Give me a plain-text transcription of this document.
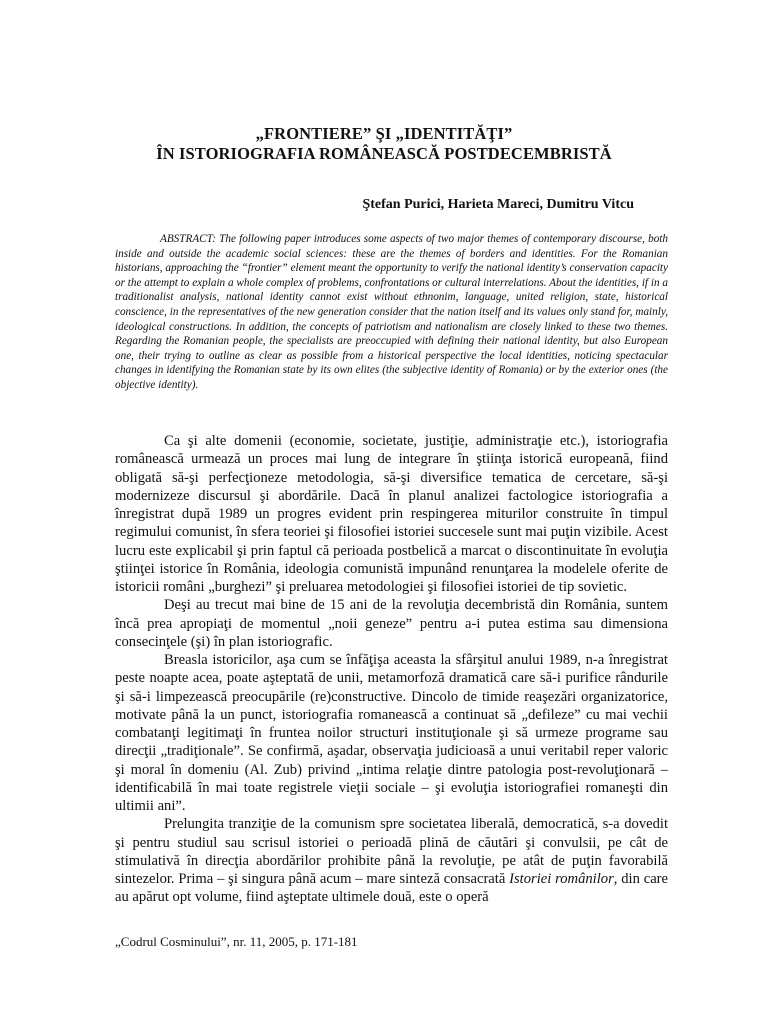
„FRONTIERE” ŞI „IDENTITĂŢI”
ÎN ISTORIOGRAFIA ROMÂNEASCĂ POSTDECEMBRISTĂ
Ştefan Purici, Harieta Mareci, Dumitru Vitcu
ABSTRACT: The following paper introduces some aspects of two major themes of contemporary discourse, both inside and outside the academic social sciences: these are the themes of borders and identities. For the Romanian historians, approaching the “frontier” element meant the opportunity to verify the national identity’s conservation capacity or the attempt to explain a whole complex of problems, confrontations or cultural interrelations. About the identities, if in a traditionalist analysis, national identity cannot exist without ethnonim, language, united religion, state, historical conscience, in the representatives of the new generation consider that the nation itself and its values only stand for, mainly, ideological constructions. In addition, the concepts of patriotism and nationalism are closely linked to these two themes. Regarding the Romanian people, the specialists are preoccupied with defining their national identity, but also European one, their trying to outline as clear as possible from a historical perspective the local identities, noticing spectacular changes in identifying the Romanian state by its own elites (the subjective identity of Romania) or by the exterior ones (the objective identity).

Ca şi alte domenii (economie, societate, justiţie, administraţie etc.), istoriografia românească urmează un proces mai lung de integrare în ştiinţa istorică europeană, fiind obligată să-şi perfecţioneze metodologia, să-şi diversifice tematica de cercetare, să-şi modernizeze discursul şi abordările. Dacă în planul analizei factologice istoriografia a înregistrat după 1989 un progres evident prin respingerea miturilor construite în timpul regimului comunist, în sfera teoriei şi filosofiei istoriei succesele sunt mai puţin vizibile. Acest lucru este explicabil şi prin faptul că perioada postbelică a marcat o discontinuitate în evoluţia ştiinţei istorice în România, ideologia comunistă impunând renunţarea la modelele oferite de istoricii români „burghezi” şi preluarea metodologiei şi filosofiei istoriei de tip sovietic.

Deşi au trecut mai bine de 15 ani de la revoluţia decembristă din România, suntem încă prea apropiaţi de momentul „noii geneze” pentru a-i putea estima sau dimensiona consecinţele (şi) în plan istoriografic.

Breasla istoricilor, aşa cum se înfăţişa aceasta la sfârşitul anului 1989, n-a înregistrat peste noapte acea, poate aşteptată de unii, metamorfoză dramatică care să-i purifice rândurile şi să-i limpezească preocupările (re)constructive. Dincolo de timide reaşezări organizatorice, motivate până la un punct, istoriografia romanească a continuat să „defileze” cu mai vechii combatanţi legitimaţi în fruntea noilor structuri instituţionale şi să urmeze programe sau direcţii „tradiţionale”. Se confirmă, aşadar, observaţia judicioasă a unui veritabil reper valoric şi moral în domeniu (Al. Zub) privind „intima relaţie dintre patologia post-revoluţionară – identificabilă în mai toate registrele vieţii sociale – şi evoluţia istoriografiei romaneşti din ultimii ani”.

Prelungita tranziţie de la comunism spre societatea liberală, democratică, s-a dovedit şi pentru studiul sau scrisul istoriei o perioadă plină de căutări şi convulsii, pe cât de stimulativă în direcţia abordărilor prohibite până la revoluţie, pe atât de puţin favorabilă sintezelor. Prima – şi singura până acum – mare sinteză consacrată Istoriei românilor, din care au apărut opt volume, fiind aşteptate ultimele două, este o operă

„Codrul Cosminului”, nr. 11, 2005, p. 171-181
